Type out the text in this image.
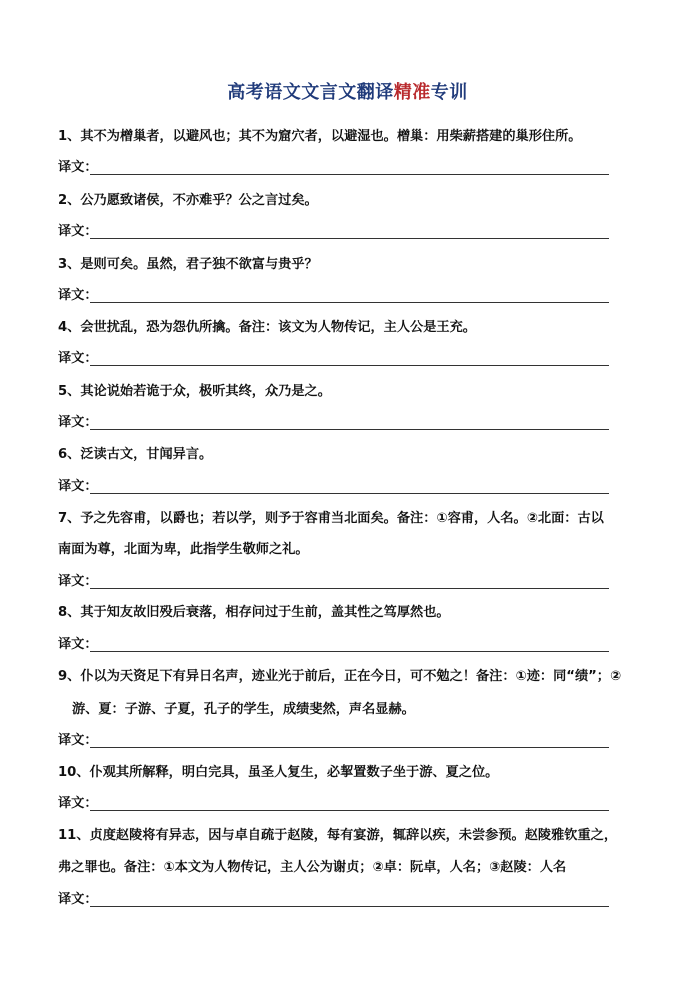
高考语文文言文翻译精准专训
1、其不为橧巢者，以避风也；其不为窟穴者，以避湿也。橧巢：用柴薪搭建的巢形住所。
译文：
2、公乃愿致诸侯，不亦难乎？公之言过矣。
译文：
3、是则可矣。虽然，君子独不欲富与贵乎？
译文：
4、会世扰乱，恐为怨仇所擒。备注：该文为人物传记，主人公是王充。
译文：
5、其论说始若诡于众，极听其终，众乃是之。
译文：
6、泛读古文，甘闻异言。
译文：
7、予之先容甫，以爵也；若以学，则予于容甫当北面矣。备注：①容甫，人名。②北面：古以
南面为尊，北面为卑，此指学生敬师之礼。
译文：
8、其于知友故旧殁后衰落，相存问过于生前，盖其性之笃厚然也。
译文：
9、仆以为天资足下有异日名声，迹业光于前后，正在今日，可不勉之！备注：①迹：同“绩”；②
游、夏：子游、子夏，孔子的学生，成绩斐然，声名显赫。
译文：
10、仆观其所解释，明白完具，虽圣人复生，必挈置数子坐于游、夏之位。
译文：
11、贞度赵陵将有异志，因与卓自疏于赵陵，每有宴游，辄辞以疾，未尝参预。赵陵雅钦重之，
弗之罪也。备注：①本文为人物传记，主人公为谢贞；②卓：阮卓，人名；③赵陵：人名
译文：
